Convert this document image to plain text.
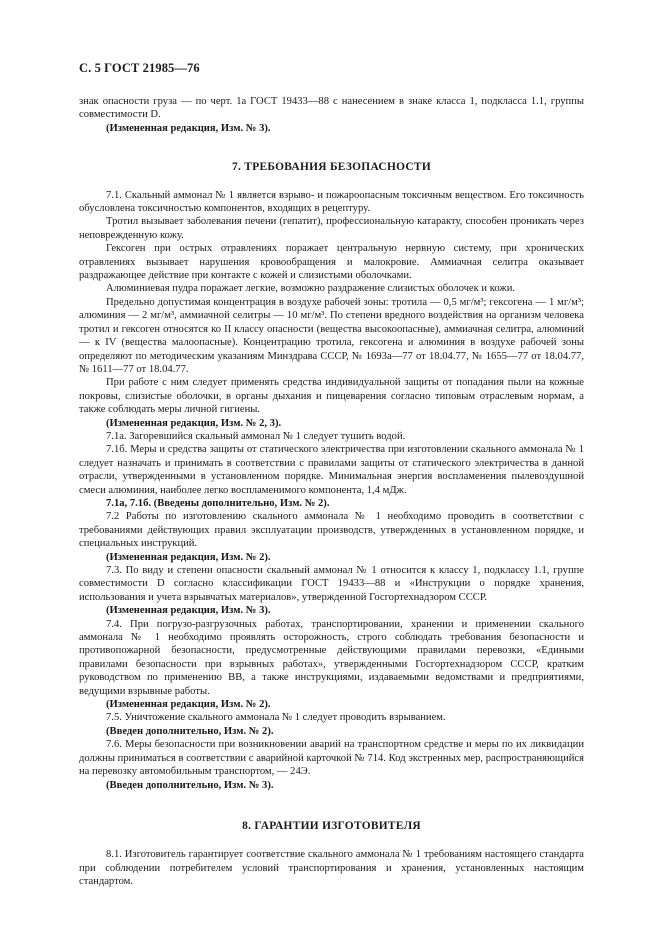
С. 5 ГОСТ 21985—76

знак опасности груза — по черт. 1а ГОСТ 19433—88 с нанесением в знаке класса 1, подкласса 1.1, группы совместимости D.

(Измененная редакция, Изм. № 3).

7. ТРЕБОВАНИЯ БЕЗОПАСНОСТИ

7.1. Скальный аммонал № 1 является взрыво- и пожароопасным токсичным веществом. Его токсичность обусловлена токсичностью компонентов, входящих в рецептуру.

Тротил вызывает заболевания печени (гепатит), профессиональную катаракту, способен проникать через неповрежденную кожу.

Гексоген при острых отравлениях поражает центральную нервную систему, при хронических отравлениях вызывает нарушения кровообращения и малокровие. Аммиачная селитра оказывает раздражающее действие при контакте с кожей и слизистыми оболочками.

Алюминиевая пудра поражает легкие, возможно раздражение слизистых оболочек и кожи.

Предельно допустимая концентрация в воздухе рабочей зоны: тротила — 0,5 мг/м³; гексогена — 1 мг/м³; алюминия — 2 мг/м³, аммиачной селитры — 10 мг/м³. По степени вредного воздействия на организм человека тротил и гексоген относятся ко II классу опасности (вещества высокоопасные), аммиачная селитра, алюминий — к IV (вещества малоопасные). Концентрацию тротила, гексогена и алюминия в воздухе рабочей зоны определяют по методическим указаниям Минздрава СССР, № 1693а—77 от 18.04.77, № 1655—77 от 18.04.77, № 1611—77 от 18.04.77.

При работе с ним следует применять средства индивидуальной защиты от попадания пыли на кожные покровы, слизистые оболочки, в органы дыхания и пищеварения согласно типовым отраслевым нормам, а также соблюдать меры личной гигиены.

(Измененная редакция, Изм. № 2, 3).

7.1а. Загоревшийся скальный аммонал № 1 следует тушить водой.

7.1б. Меры и средства защиты от статического электричества при изготовлении скального аммонала № 1 следует назначать и принимать в соответствии с правилами защиты от статического электричества в данной отрасли, утвержденными в установленном порядке. Минимальная энергия воспламенения пылевоздушной смеси алюминия, наиболее легко воспламенимого компонента, 1,4 мДж.

7.1а, 7.1б. (Введены дополнительно, Изм. № 2).

7.2 Работы по изготовлению скального аммонала № 1 необходимо проводить в соответствии с требованиями действующих правил эксплуатации производств, утвержденных в установленном порядке, и специальных инструкций.

(Измененная редакция, Изм. № 2).

7.3. По виду и степени опасности скальный аммонал № 1 относится к классу 1, подклассу 1.1, группе совместимости D согласно классификации ГОСТ 19433—88 и «Инструкции о порядке хранения, использования и учета взрывчатых материалов», утвержденной Госгортехнадзором СССР.

(Измененная редакция, Изм. № 3).

7.4. При погрузо-разгрузочных работах, транспортировании, хранении и применении скального аммонала № 1 необходимо проявлять осторожность, строго соблюдать требования безопасности и противопожарной безопасности, предусмотренные действующими правилами перевозки, «Едиными правилами безопасности при взрывных работах», утвержденными Госгортехнадзором СССР, кратким руководством по применению ВВ, а также инструкциями, издаваемыми ведомствами и предприятиями, ведущими взрывные работы.

(Измененная редакция, Изм. № 2).

7.5. Уничтожение скального аммонала № 1 следует проводить взрыванием.

(Введен дополнительно, Изм. № 2).

7.6. Меры безопасности при возникновении аварий на транспортном средстве и меры по их ликвидации должны приниматься в соответствии с аварийной карточкой № 714. Код экстренных мер, распространяющийся на перевозку автомобильным транспортом, — 24Э.

(Введен дополнительно, Изм. № 3).

8. ГАРАНТИИ ИЗГОТОВИТЕЛЯ

8.1. Изготовитель гарантирует соответствие скального аммонала № 1 требованиям настоящего стандарта при соблюдении потребителем условий транспортирования и хранения, установленных настоящим стандартом.
